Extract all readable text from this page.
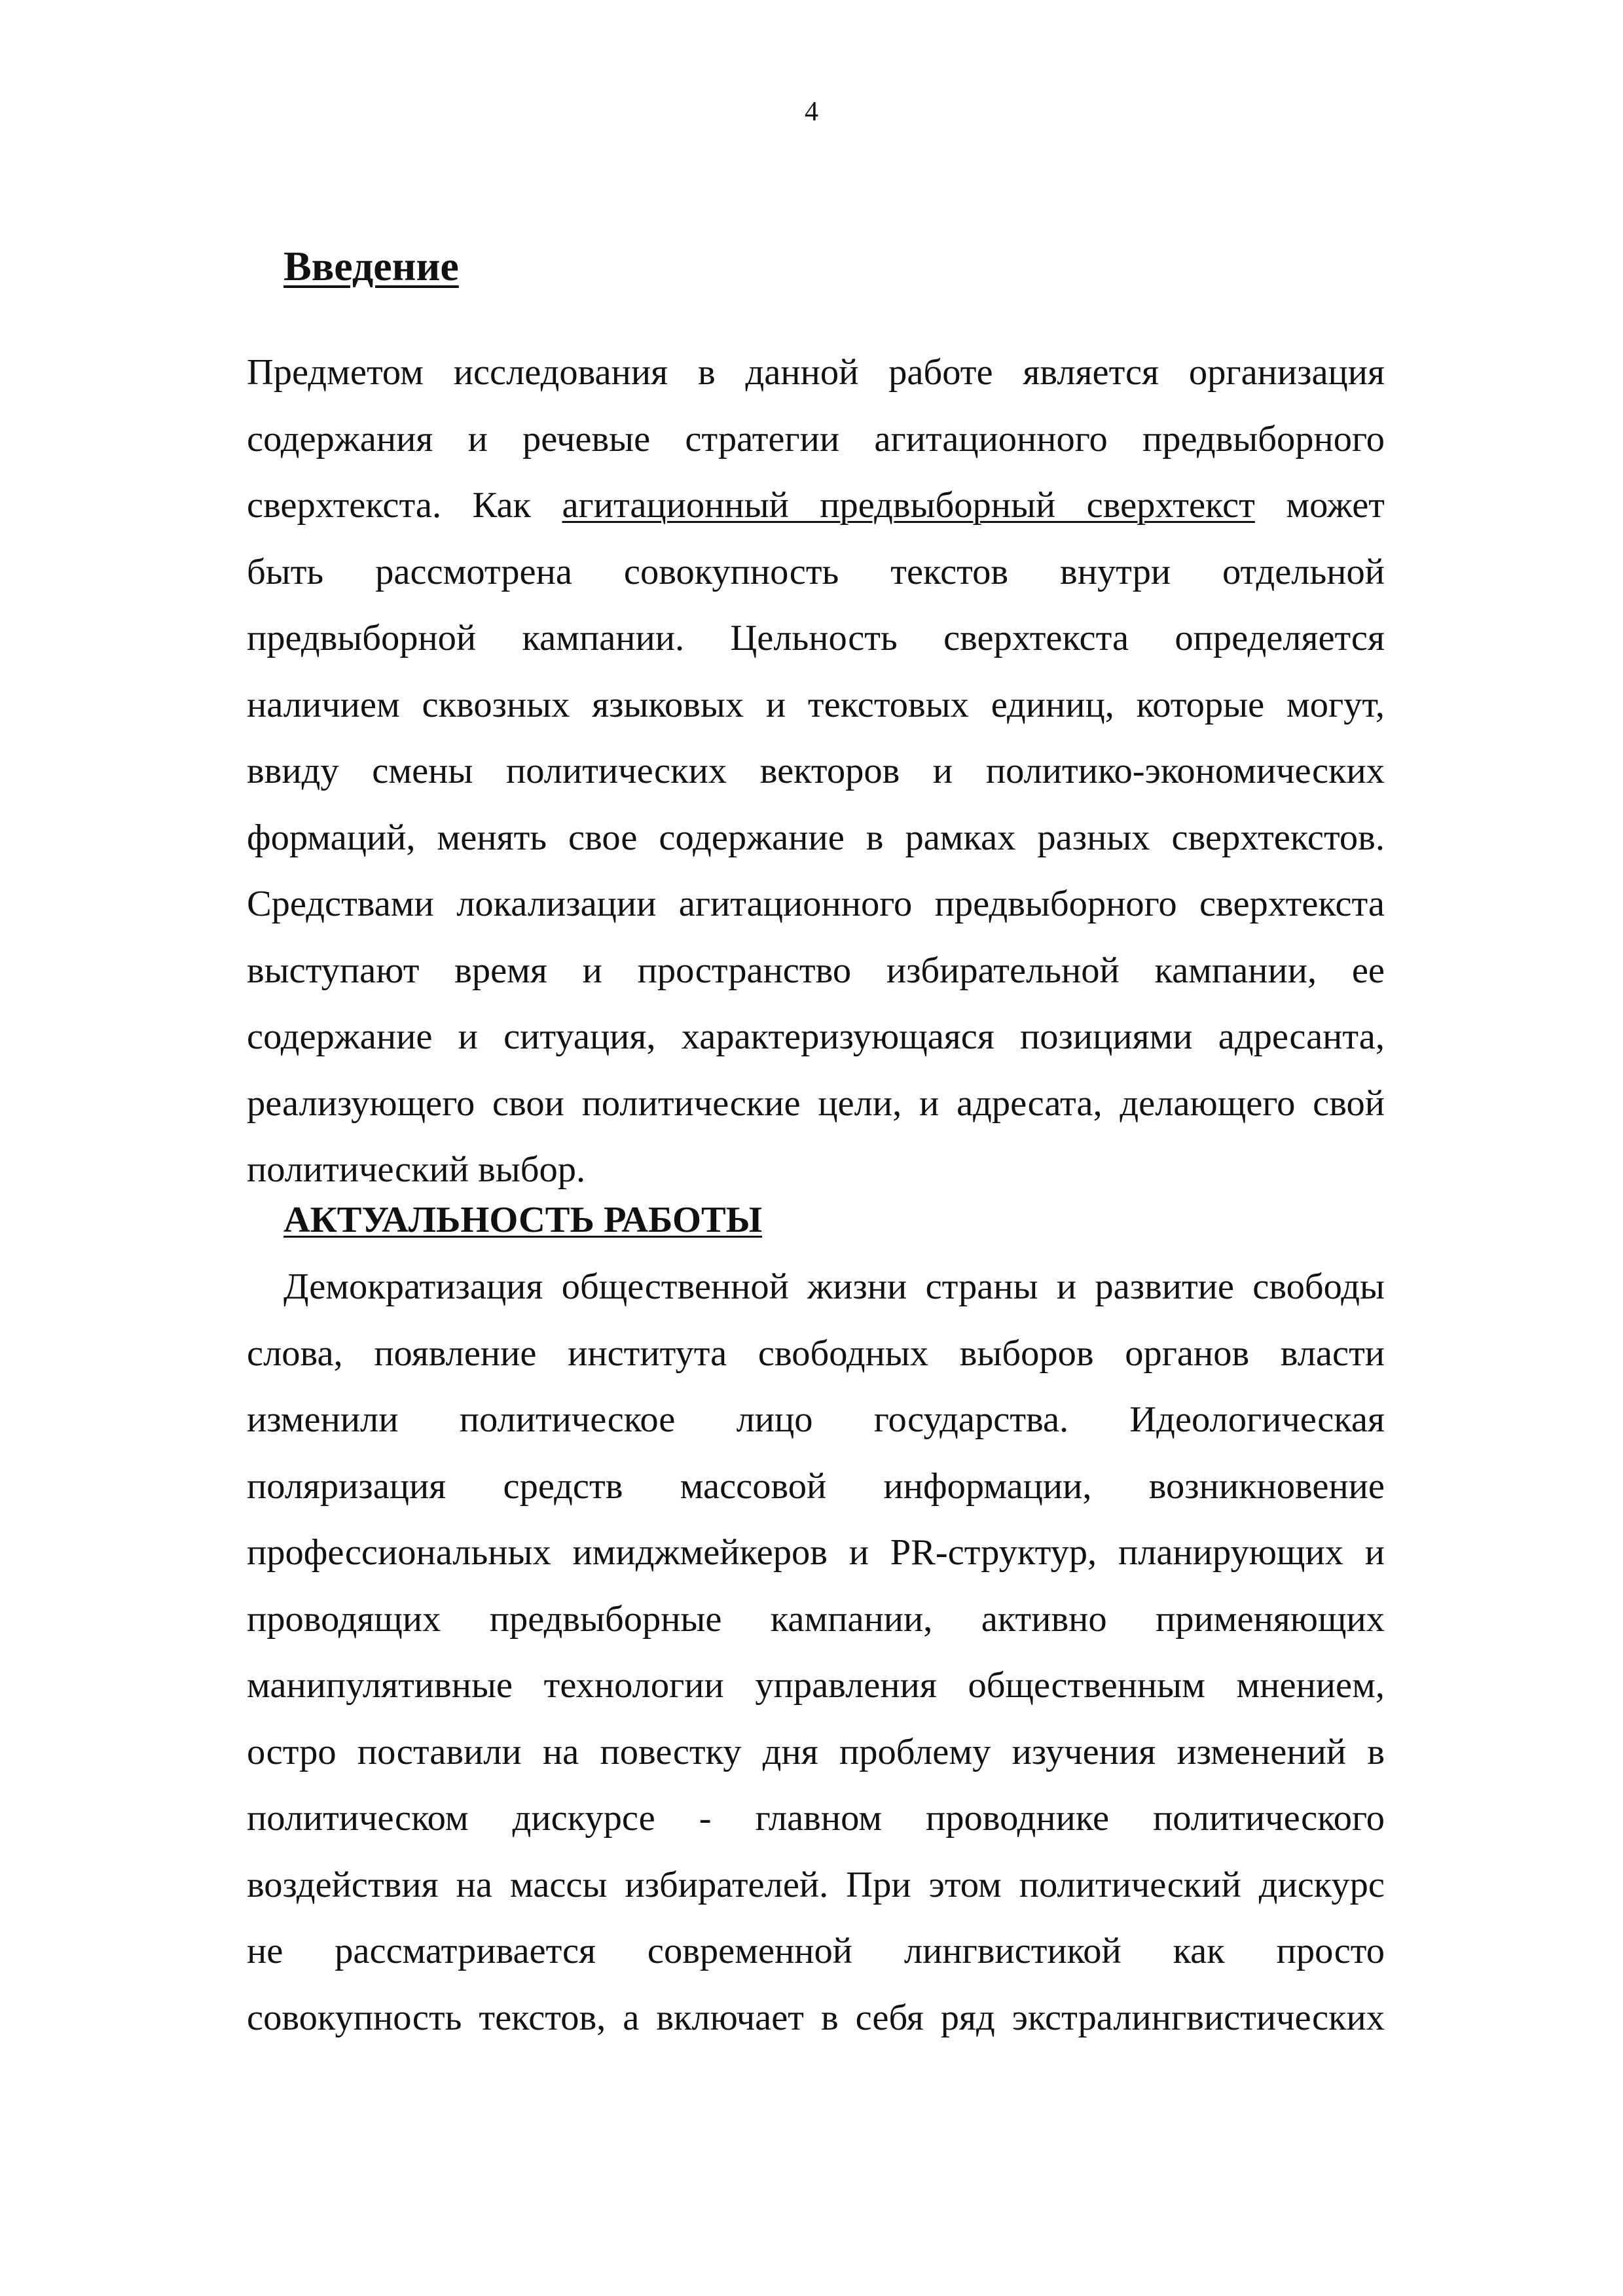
4
Введение
Предметом исследования в данной работе является организация
содержания и речевые стратегии агитационного предвыборного
сверхтекста. Как агитационный предвыборный сверхтекст может
быть рассмотрена совокупность текстов внутри отдельной
предвыборной кампании. Цельность сверхтекста определяется
наличием сквозных языковых и текстовых единиц, которые могут,
ввиду смены политических векторов и политико-экономических
формаций, менять свое содержание в рамках разных сверхтекстов.
Средствами локализации агитационного предвыборного сверхтекста
выступают время и пространство избирательной кампании, ее
содержание и ситуация, характеризующаяся позициями адресанта,
реализующего свои политические цели, и адресата, делающего свой
политический выбор.
АКТУАЛЬНОСТЬ РАБОТЫ
Демократизация общественной жизни страны и развитие свободы
слова, появление института свободных выборов органов власти
изменили политическое лицо государства. Идеологическая
поляризация средств массовой информации, возникновение
профессиональных имиджмейкеров и PR-структур, планирующих и
проводящих предвыборные кампании, активно применяющих
манипулятивные технологии управления общественным мнением,
остро поставили на повестку дня проблему изучения изменений в
политическом дискурсе - главном проводнике политического
воздействия на массы избирателей. При этом политический дискурс
не рассматривается современной лингвистикой как просто
совокупность текстов, а включает в себя ряд экстралингвистических
